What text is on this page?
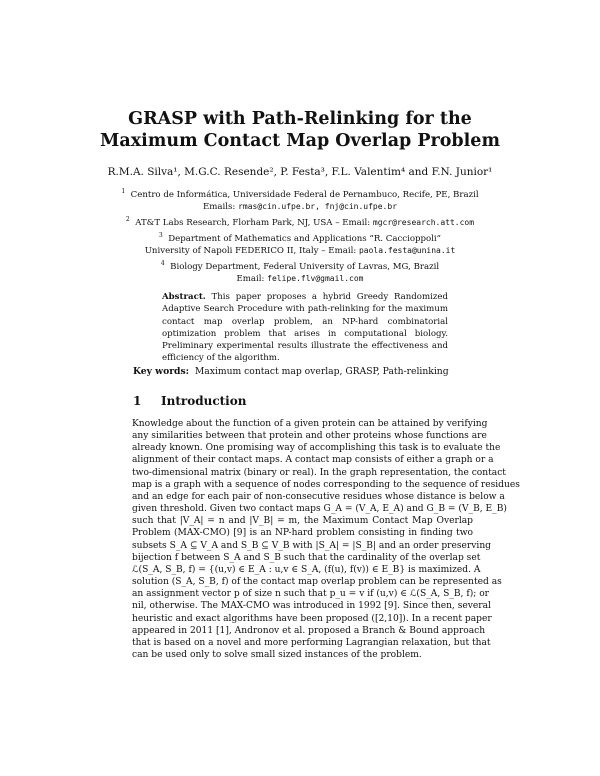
GRASP with Path-Relinking for the
Maximum Contact Map Overlap Problem
R.M.A. Silva¹, M.G.C. Resende², P. Festa³, F.L. Valentim⁴ and F.N. Junior¹
$^1$ Centro de Informática, Universidade Federal de Pernambuco, Recife, PE, Brazil
Emails: rmas@cin.ufpe.br, fnj@cin.ufpe.br
$^2$ AT&T Labs Research, Florham Park, NJ, USA – Email: mgcr@research.att.com
$^3$ Department of Mathematics and Applications “R. Caccioppoli”
University of Napoli FEDERICO II, Italy – Email: paola.festa@unina.it
$^4$ Biology Department, Federal University of Lavras, MG, Brazil
Email: felipe.flv@gmail.com
Abstract. This paper proposes a hybrid Greedy Randomized Adaptive Search Procedure with path-relinking for the maximum contact map overlap problem, an NP-hard combinatorial optimization problem that arises in computational biology. Preliminary experimental results illustrate the effectiveness and efficiency of the algorithm.
Key words: Maximum contact map overlap, GRASP, Path-relinking
1 Introduction
Knowledge about the function of a given protein can be attained by verifying
any similarities between that protein and other proteins whose functions are
already known. One promising way of accomplishing this task is to evaluate the
alignment of their contact maps. A contact map consists of either a graph or a
two-dimensional matrix (binary or real). In the graph representation, the contact
map is a graph with a sequence of nodes corresponding to the sequence of residues
and an edge for each pair of non-consecutive residues whose distance is below a
given threshold. Given two contact maps G_A = (V_A, E_A) and G_B = (V_B, E_B)
such that |V_A| = n and |V_B| = m, the Maximum Contact Map Overlap
Problem (MAX-CMO) [9] is an NP-hard problem consisting in finding two
subsets S_A ⊆ V_A and S_B ⊆ V_B with |S_A| = |S_B| and an order preserving
bijection f between S_A and S_B such that the cardinality of the overlap set
ℒ(S_A, S_B, f) = {(u,v) ∈ E_A : u,v ∈ S_A, (f(u), f(v)) ∈ E_B} is maximized. A
solution (S_A, S_B, f) of the contact map overlap problem can be represented as
an assignment vector p of size n such that p_u = v if (u,v) ∈ ℒ(S_A, S_B, f); or
nil, otherwise. The MAX-CMO was introduced in 1992 [9]. Since then, several
heuristic and exact algorithms have been proposed ([2,10]). In a recent paper
appeared in 2011 [1], Andronov et al. proposed a Branch & Bound approach
that is based on a novel and more performing Lagrangian relaxation, but that
can be used only to solve small sized instances of the problem.
